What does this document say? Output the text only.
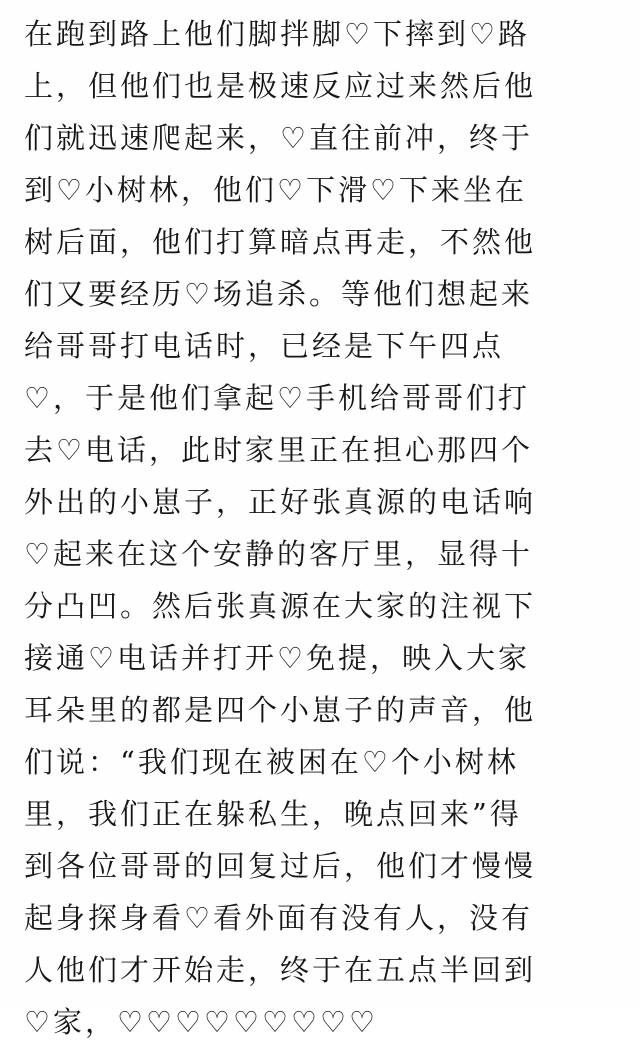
在跑到路上他们脚拌脚♡下摔到♡路
上，但他们也是极速反应过来然后他
们就迅速爬起来，♡直往前冲，终于
到♡小树林，他们♡下滑♡下来坐在
树后面，他们打算暗点再走，不然他
们又要经历♡场追杀。等他们想起来
给哥哥打电话时，已经是下午四点
♡，于是他们拿起♡手机给哥哥们打
去♡电话，此时家里正在担心那四个
外出的小崽子，正好张真源的电话响
♡起来在这个安静的客厅里，显得十
分凸凹。然后张真源在大家的注视下
接通♡电话并打开♡免提，映入大家
耳朵里的都是四个小崽子的声音，他
们说：“我们现在被困在♡个小树林
里，我们正在躲私生，晚点回来”得
到各位哥哥的回复过后，他们才慢慢
起身探身看♡看外面有没有人，没有
人他们才开始走，终于在五点半回到
♡家，♡♡♡♡♡♡♡♡♡
